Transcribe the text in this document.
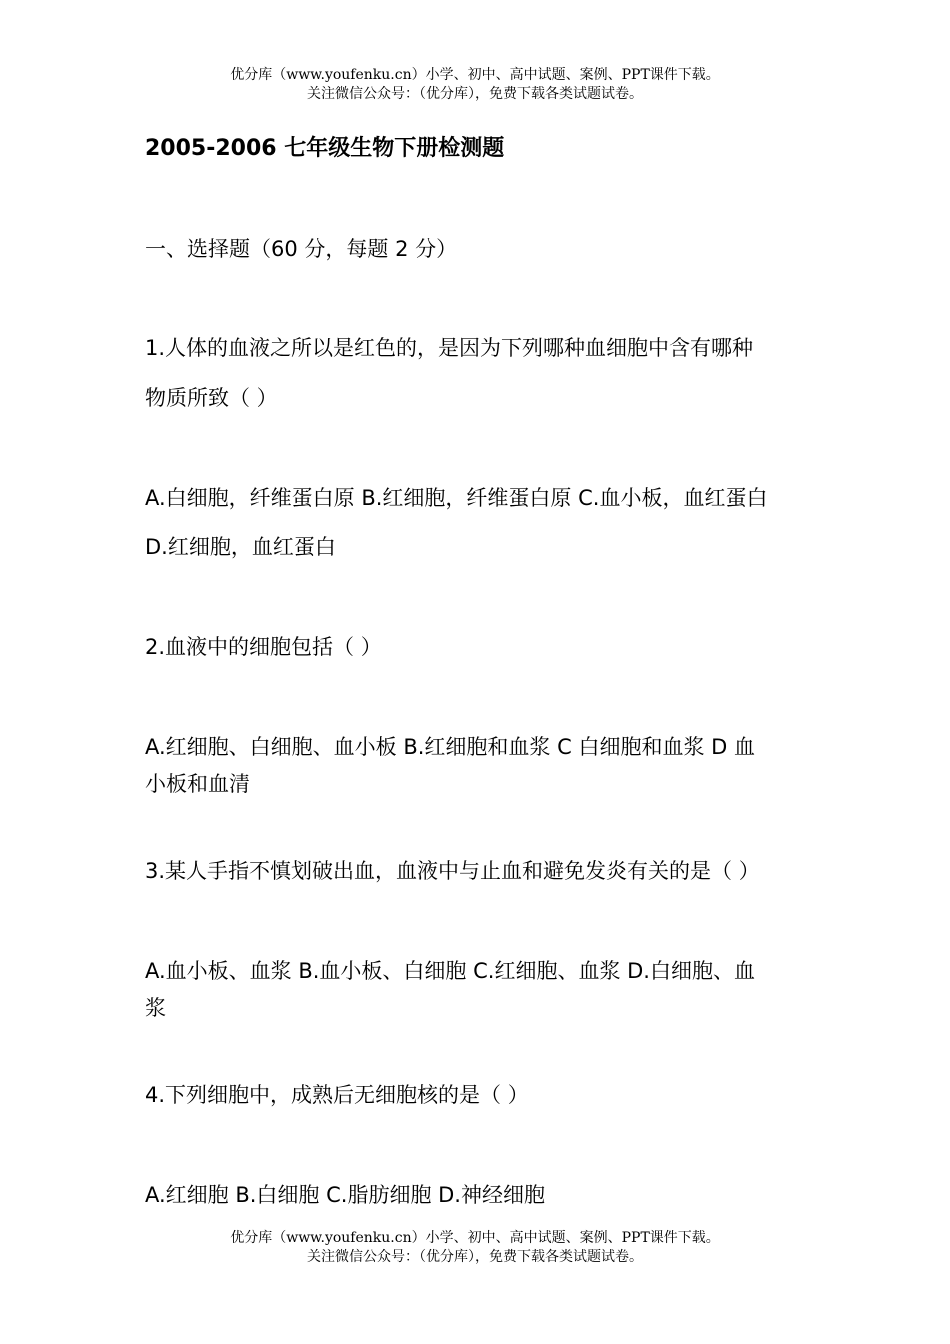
优分库（www.youfenku.cn）小学、初中、高中试题、案例、PPT课件下载。
关注微信公众号：（优分库），免费下载各类试题试卷。
2005-2006 七年级生物下册检测题
一、选择题（60 分，每题 2 分）
1.人体的血液之所以是红色的，是因为下列哪种血细胞中含有哪种
物质所致（ ）
A.白细胞，纤维蛋白原 B.红细胞，纤维蛋白原 C.血小板，血红蛋白
D.红细胞，血红蛋白
2.血液中的细胞包括（ ）
A.红细胞、白细胞、血小板 B.红细胞和血浆 C 白细胞和血浆 D 血
小板和血清
3.某人手指不慎划破出血，血液中与止血和避免发炎有关的是（ ）
A.血小板、血浆 B.血小板、白细胞 C.红细胞、血浆 D.白细胞、血
浆
4.下列细胞中，成熟后无细胞核的是（ ）
A.红细胞 B.白细胞 C.脂肪细胞 D.神经细胞
优分库（www.youfenku.cn）小学、初中、高中试题、案例、PPT课件下载。
关注微信公众号：（优分库），免费下载各类试题试卷。
